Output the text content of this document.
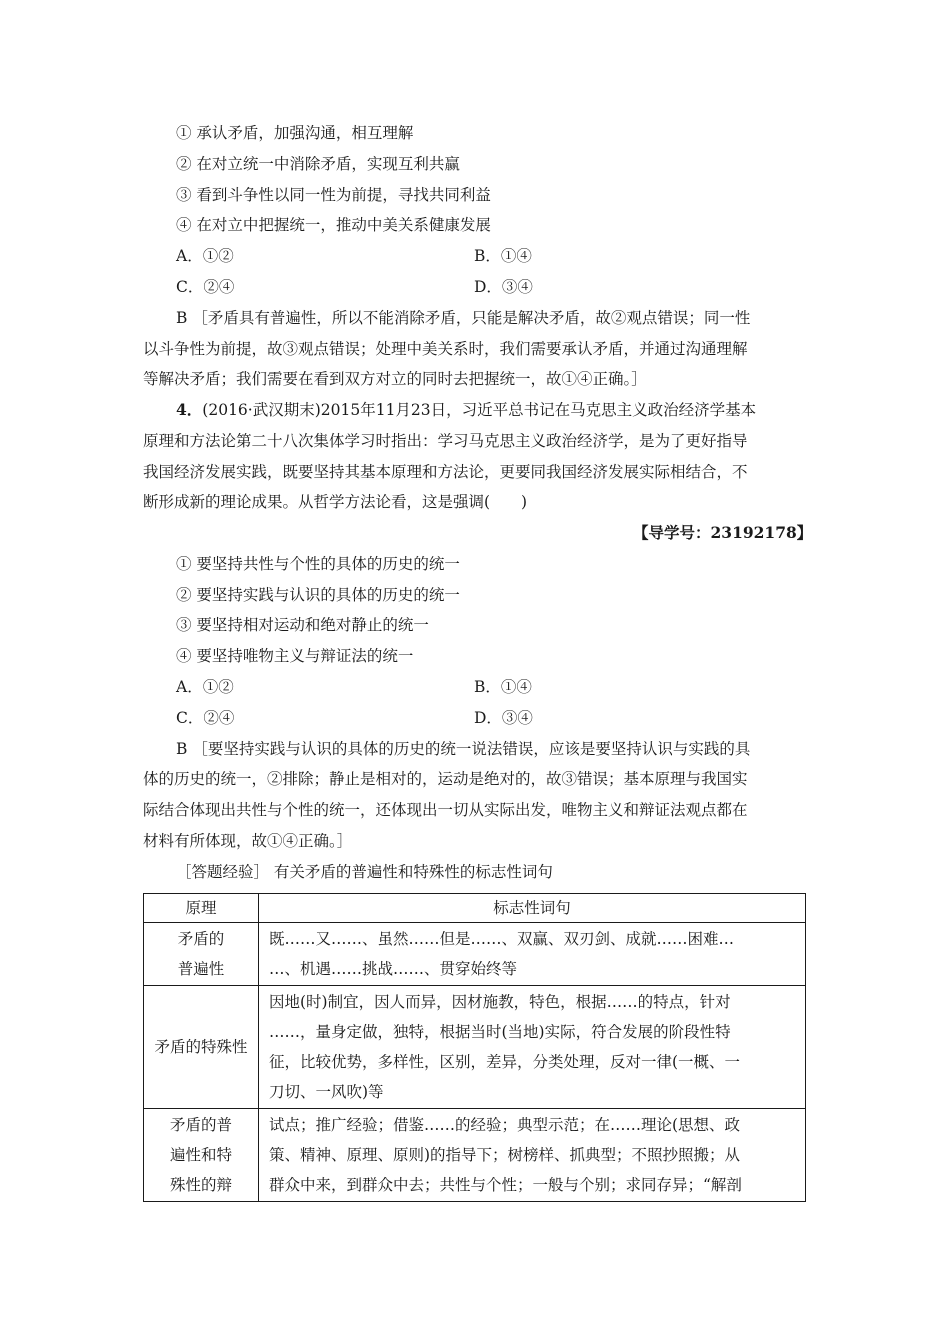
① 承认矛盾，加强沟通，相互理解
② 在对立统一中消除矛盾，实现互利共赢
③ 看到斗争性以同一性为前提，寻找共同利益
④ 在对立中把握统一，推动中美关系健康发展
A．①②	B．①④
C．②④	D．③④
B ［矛盾具有普遍性，所以不能消除矛盾，只能是解决矛盾，故②观点错误；同一性
以斗争性为前提，故③观点错误；处理中美关系时，我们需要承认矛盾，并通过沟通理解
等解决矛盾；我们需要在看到双方对立的同时去把握统一，故①④正确。］
4．(2016·武汉期末)2015年11月23日，习近平总书记在马克思主义政治经济学基本
原理和方法论第二十八次集体学习时指出：学习马克思主义政治经济学，是为了更好指导
我国经济发展实践，既要坚持其基本原理和方法论，更要同我国经济发展实际相结合，不
断形成新的理论成果。从哲学方法论看，这是强调(　　)
【导学号：23192178】
① 要坚持共性与个性的具体的历史的统一
② 要坚持实践与认识的具体的历史的统一
③ 要坚持相对运动和绝对静止的统一
④ 要坚持唯物主义与辩证法的统一
A．①②	B．①④
C．②④	D．③④
B ［要坚持实践与认识的具体的历史的统一说法错误，应该是要坚持认识与实践的具
体的历史的统一，②排除；静止是相对的，运动是绝对的，故③错误；基本原理与我国实
际结合体现出共性与个性的统一，还体现出一切从实际出发，唯物主义和辩证法观点都在
材料有所体现，故①④正确。］
［答题经验］ 有关矛盾的普遍性和特殊性的标志性词句
原理	标志性词句

矛盾的
普遍性	既……又……、虽然……但是……、双赢、双刃剑、成就……困难…
…、机遇……挑战……、贯穿始终等

矛盾的特殊性	因地(时)制宜，因人而异，因材施教，特色，根据……的特点，针对
……，量身定做，独特，根据当时(当地)实际，符合发展的阶段性特
征，比较优势，多样性，区别，差异，分类处理，反对一律(一概、一
刀切、一风吹)等

矛盾的普
遍性和特
殊性的辩	试点；推广经验；借鉴……的经验；典型示范；在……理论(思想、政
策、精神、原理、原则)的指导下；树榜样、抓典型；不照抄照搬；从
群众中来，到群众中去；共性与个性；一般与个别；求同存异；“解剖
